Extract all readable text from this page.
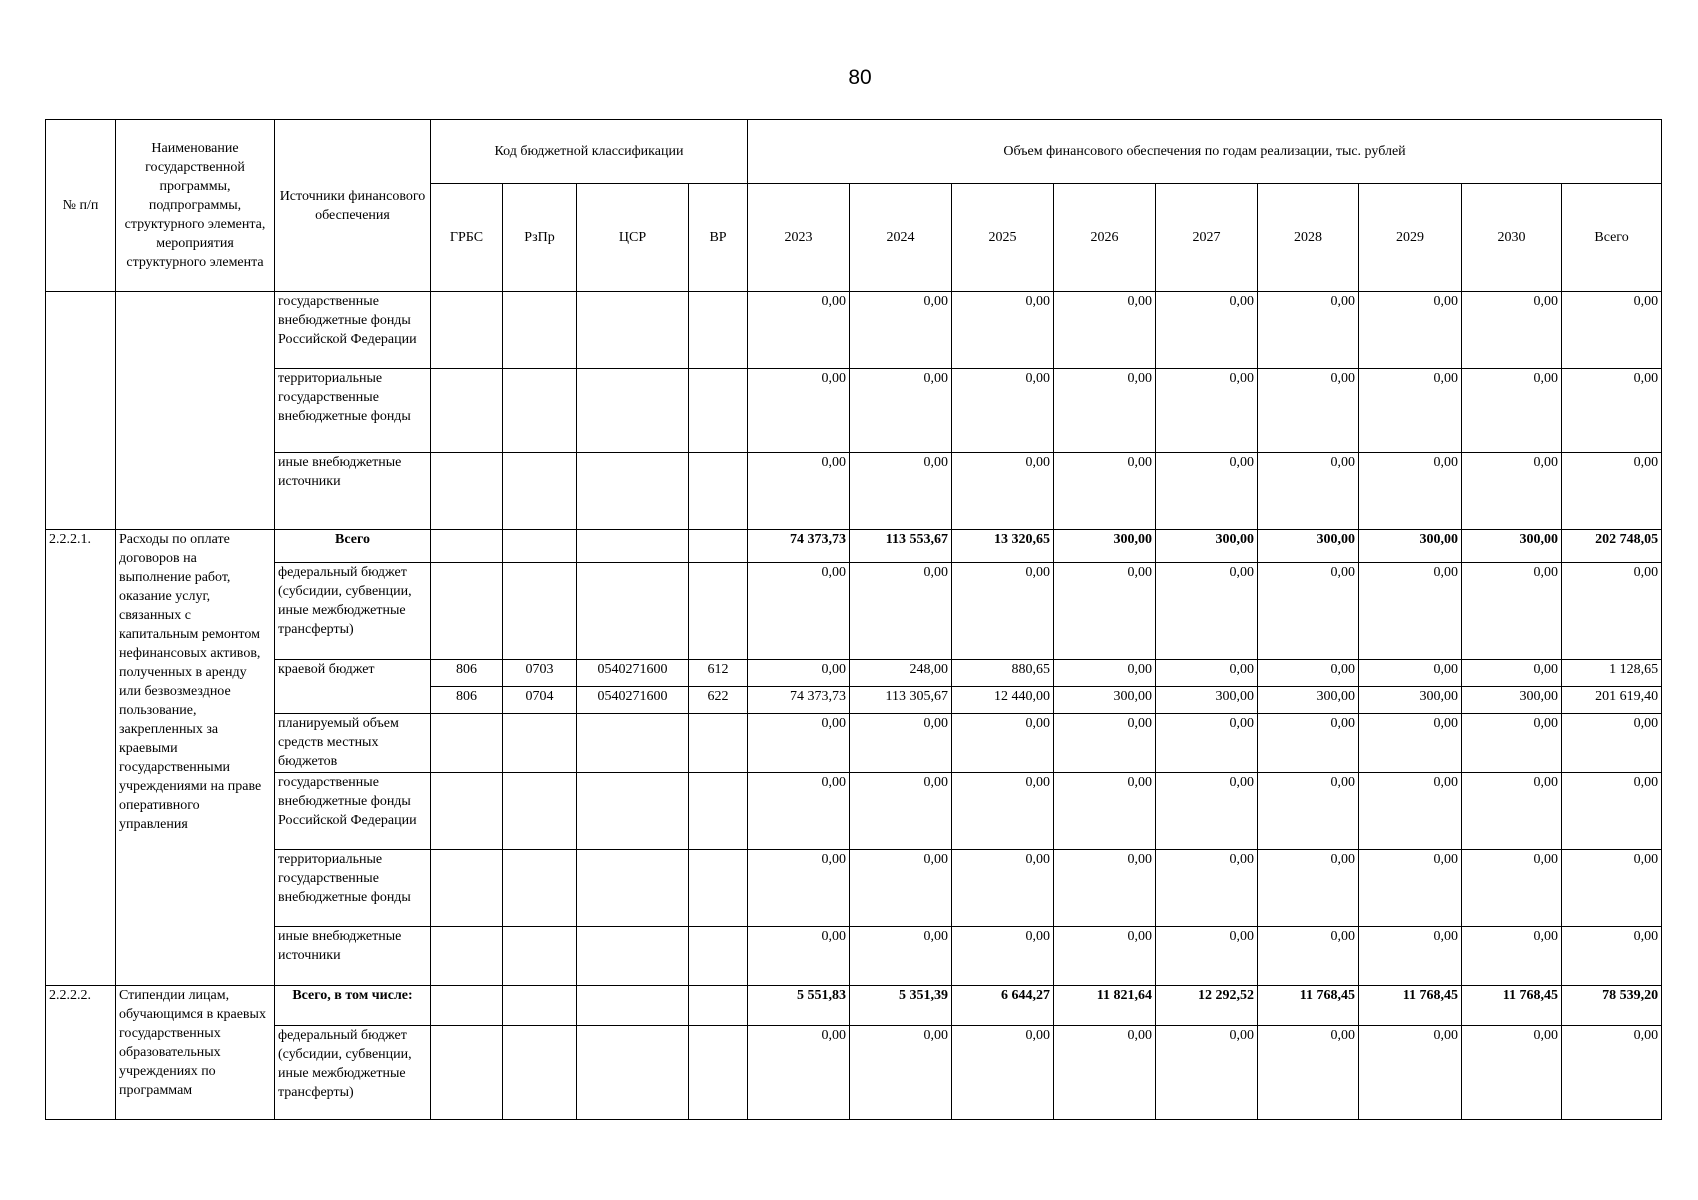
80
№ п/п	Наименование государственной программы, подпрограммы, структурного элемента, мероприятия структурного элемента	Источники финансового обеспечения	Код бюджетной классификации				Объем финансового обеспечения по годам реализации, тыс. рублей								
			ГРБС	РзПр	ЦСР	ВР	2023	2024	2025	2026	2027	2028	2029	2030	Всего
		государственные внебюджетные фонды Российской Федерации					0,00	0,00	0,00	0,00	0,00	0,00	0,00	0,00	0,00
		территориальные государственные внебюджетные фонды					0,00	0,00	0,00	0,00	0,00	0,00	0,00	0,00	0,00
		иные внебюджетные источники					0,00	0,00	0,00	0,00	0,00	0,00	0,00	0,00	0,00
2.2.2.1.	Расходы по оплате договоров на выполнение работ, оказание услуг, связанных с капитальным ремонтом нефинансовых активов, полученных в аренду или безвозмездное пользование, закрепленных за краевыми государственными учреждениями на праве оперативного управления	Всего					74 373,73	113 553,67	13 320,65	300,00	300,00	300,00	300,00	300,00	202 748,05
		федеральный бюджет (субсидии, субвенции, иные межбюджетные трансферты)					0,00	0,00	0,00	0,00	0,00	0,00	0,00	0,00	0,00
		краевой бюджет	806	0703	0540271600	612	0,00	248,00	880,65	0,00	0,00	0,00	0,00	0,00	1 128,65
			806	0704	0540271600	622	74 373,73	113 305,67	12 440,00	300,00	300,00	300,00	300,00	300,00	201 619,40
		планируемый объем средств местных бюджетов					0,00	0,00	0,00	0,00	0,00	0,00	0,00	0,00	0,00
		государственные внебюджетные фонды Российской Федерации					0,00	0,00	0,00	0,00	0,00	0,00	0,00	0,00	0,00
		территориальные государственные внебюджетные фонды					0,00	0,00	0,00	0,00	0,00	0,00	0,00	0,00	0,00
		иные внебюджетные источники					0,00	0,00	0,00	0,00	0,00	0,00	0,00	0,00	0,00
2.2.2.2.	Стипендии лицам, обучающимся в краевых государственных образовательных учреждениях по программам	Всего, в том числе:					5 551,83	5 351,39	6 644,27	11 821,64	12 292,52	11 768,45	11 768,45	11 768,45	78 539,20
		федеральный бюджет (субсидии, субвенции, иные межбюджетные трансферты)					0,00	0,00	0,00	0,00	0,00	0,00	0,00	0,00	0,00
